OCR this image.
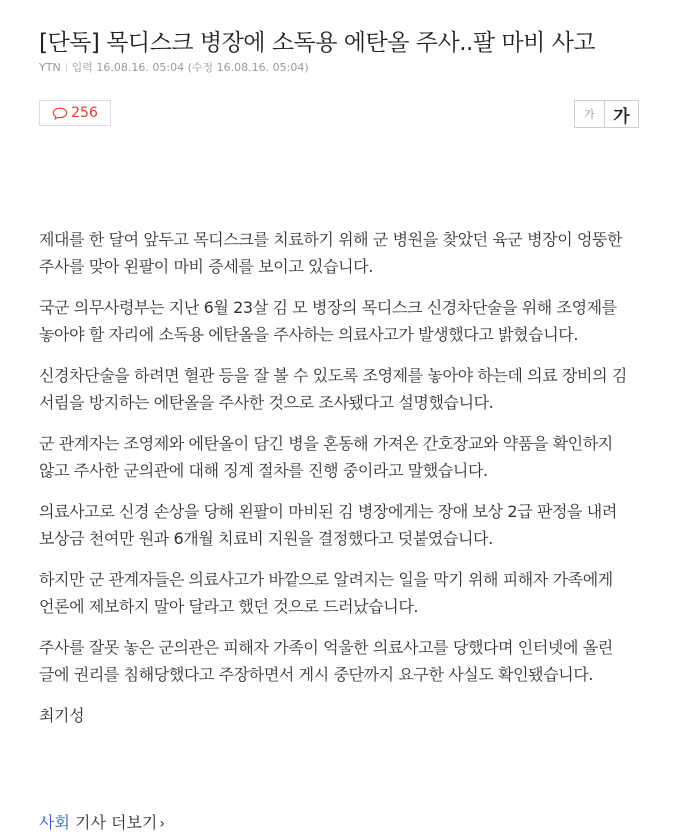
[단독] 목디스크 병장에 소독용 에탄올 주사..팔 마비 사고
YTN 입력 16.08.16. 05:04 (수정 16.08.16. 05:04)
256	가	가

제대를 한 달여 앞두고 목디스크를 치료하기 위해 군 병원을 찾았던 육군 병장이 엉뚱한 주사를 맞아 왼팔이 마비 증세를 보이고 있습니다.

국군 의무사령부는 지난 6월 23살 김 모 병장의 목디스크 신경차단술을 위해 조영제를 놓아야 할 자리에 소독용 에탄올을 주사하는 의료사고가 발생했다고 밝혔습니다.

신경차단술을 하려면 혈관 등을 잘 볼 수 있도록 조영제를 놓아야 하는데 의료 장비의 김 서림을 방지하는 에탄올을 주사한 것으로 조사됐다고 설명했습니다.

군 관계자는 조영제와 에탄올이 담긴 병을 혼동해 가져온 간호장교와 약품을 확인하지 않고 주사한 군의관에 대해 징계 절차를 진행 중이라고 말했습니다.

의료사고로 신경 손상을 당해 왼팔이 마비된 김 병장에게는 장애 보상 2급 판정을 내려 보상금 천여만 원과 6개월 치료비 지원을 결정했다고 덧붙였습니다.

하지만 군 관계자들은 의료사고가 바깥으로 알려지는 일을 막기 위해 피해자 가족에게 언론에 제보하지 말아 달라고 했던 것으로 드러났습니다.

주사를 잘못 놓은 군의관은 피해자 가족이 억울한 의료사고를 당했다며 인터넷에 올린 글에 권리를 침해당했다고 주장하면서 게시 중단까지 요구한 사실도 확인됐습니다.

최기성
사회 기사 더보기 ›
